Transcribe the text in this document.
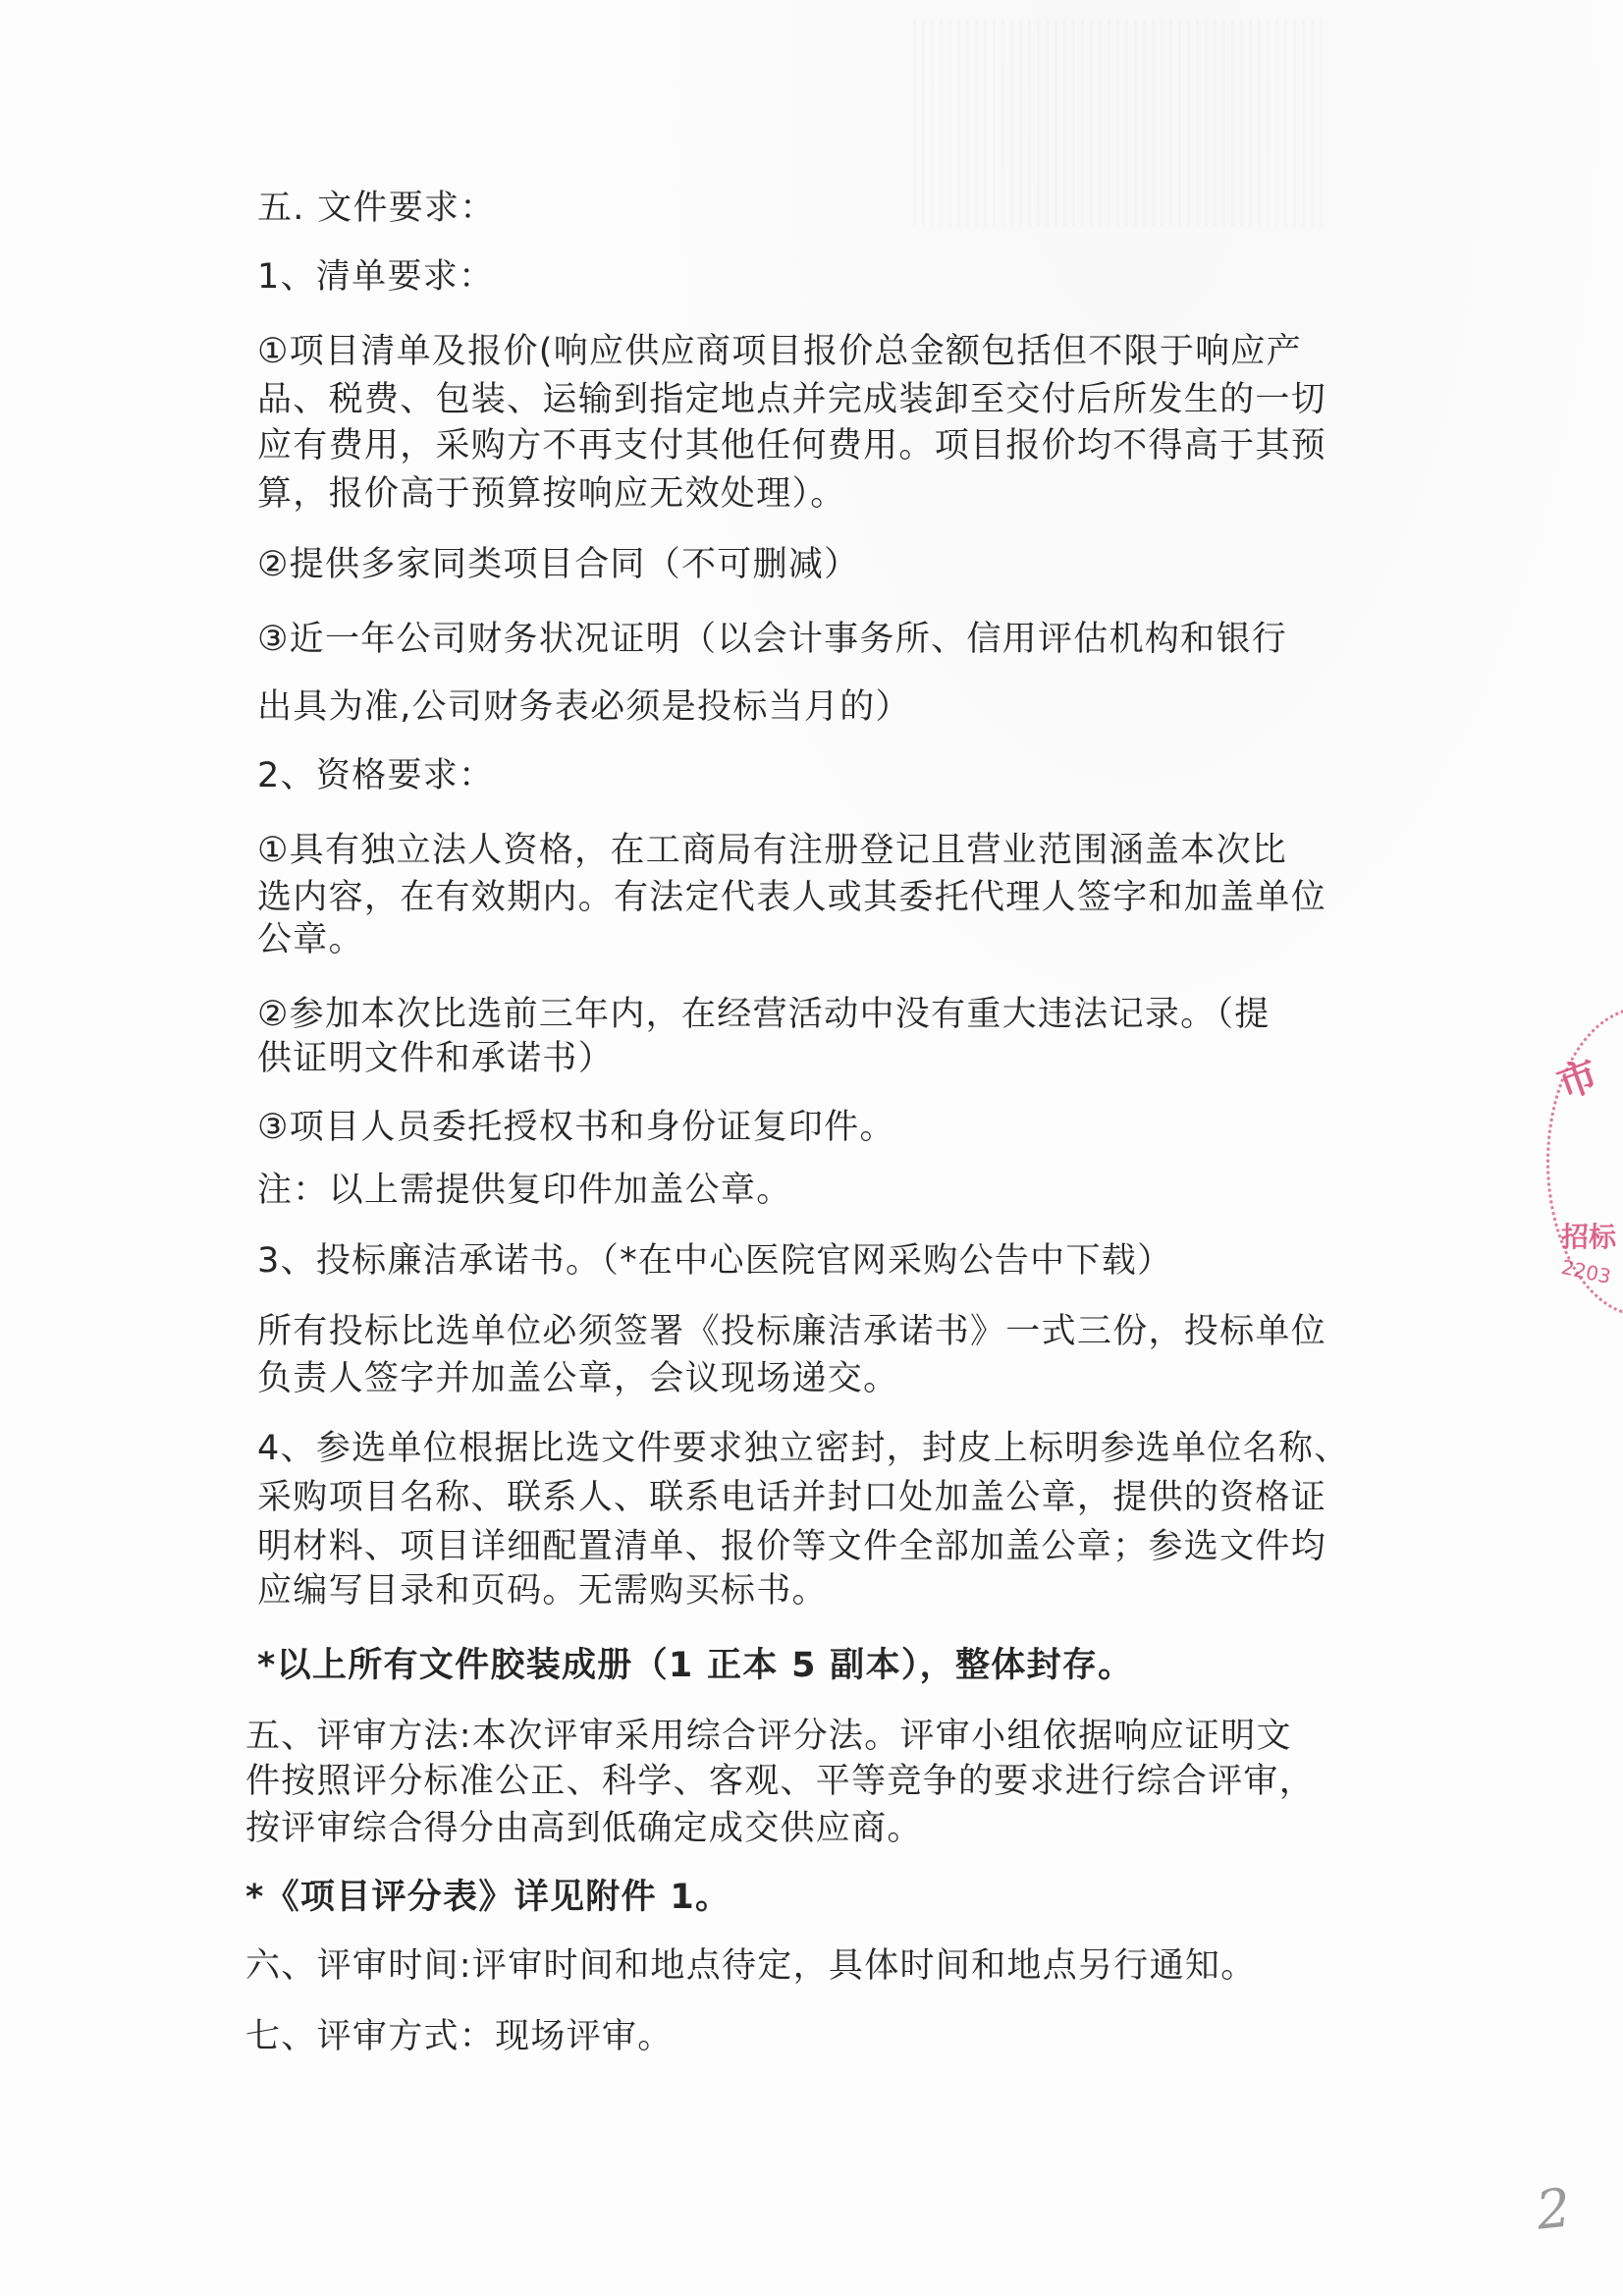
五. 文件要求：
1、清单要求：
①项目清单及报价(响应供应商项目报价总金额包括但不限于响应产
品、税费、包装、运输到指定地点并完成装卸至交付后所发生的一切
应有费用，采购方不再支付其他任何费用。项目报价均不得高于其预
算，报价高于预算按响应无效处理）。
②提供多家同类项目合同（不可删减）
③近一年公司财务状况证明（以会计事务所、信用评估机构和银行
出具为准,公司财务表必须是投标当月的）
2、资格要求：
①具有独立法人资格，在工商局有注册登记且营业范围涵盖本次比
选内容，在有效期内。有法定代表人或其委托代理人签字和加盖单位
公章。
②参加本次比选前三年内，在经营活动中没有重大违法记录。（提
供证明文件和承诺书）
③项目人员委托授权书和身份证复印件。
注：以上需提供复印件加盖公章。
3、投标廉洁承诺书。（*在中心医院官网采购公告中下载）
所有投标比选单位必须签署《投标廉洁承诺书》一式三份，投标单位
负责人签字并加盖公章，会议现场递交。
4、参选单位根据比选文件要求独立密封，封皮上标明参选单位名称、
采购项目名称、联系人、联系电话并封口处加盖公章，提供的资格证
明材料、项目详细配置清单、报价等文件全部加盖公章；参选文件均
应编写目录和页码。无需购买标书。
*以上所有文件胶装成册（1 正本 5 副本），整体封存。
五、评审方法:本次评审采用综合评分法。评审小组依据响应证明文
件按照评分标准公正、科学、客观、平等竞争的要求进行综合评审，
按评审综合得分由高到低确定成交供应商。
*《项目评分表》详见附件 1。
六、评审时间:评审时间和地点待定，具体时间和地点另行通知。
七、评审方式：现场评审。
市
招标
2203
2
